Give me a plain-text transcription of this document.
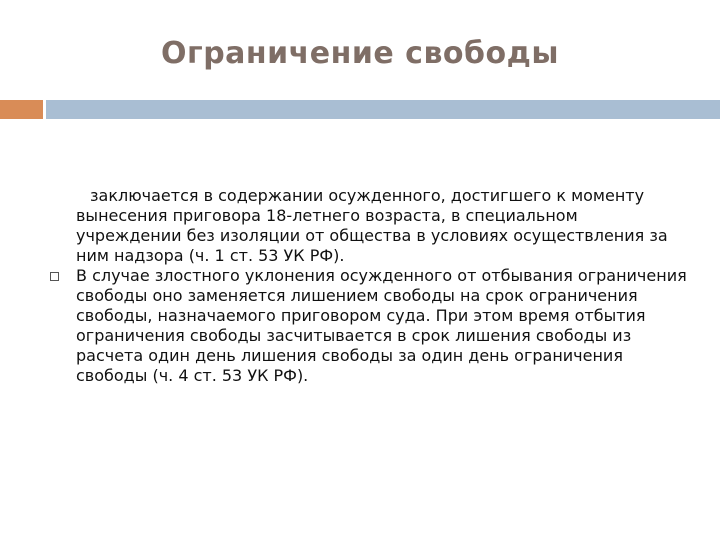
Ограничение свободы

заключается в содержании осужденного, достигшего к моменту вынесения приговора 18-летнего возраста, в специальном учреждении без изоляции от общества в условиях осуществления за ним надзора (ч. 1 ст. 53 УК РФ).

В случае злостного уклонения осужденного от отбывания ограничения свободы оно заменяется лишением свободы на срок ограничения свободы, назначаемого приговором суда. При этом время отбытия ограничения свободы засчитывается в срок лишения свободы из расчета один день лишения свободы за один день ограничения свободы (ч. 4 ст. 53 УК РФ).
